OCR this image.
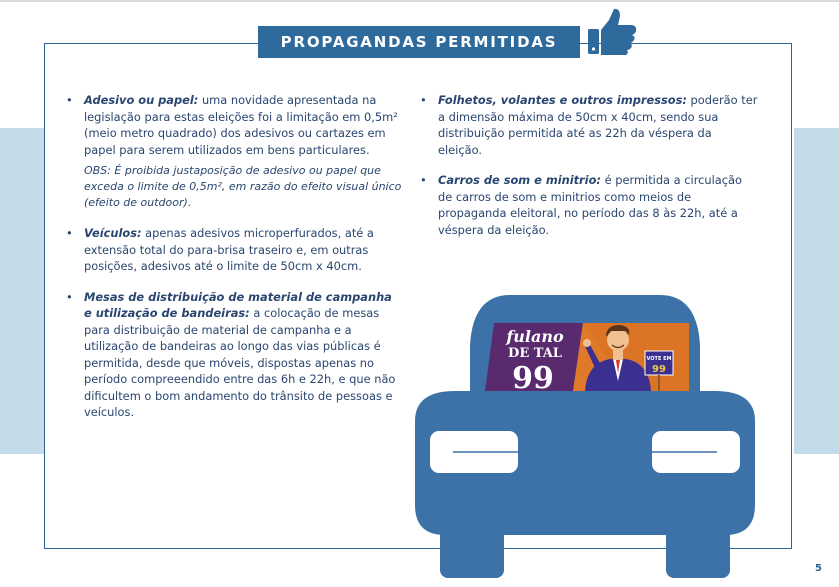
PROPAGANDAS PERMITIDAS
• Adesivo ou papel: uma novidade apresentada na legislação para estas eleições foi a limitação em 0,5m² (meio metro quadrado) dos adesivos ou cartazes em papel para serem utilizados em bens particulares.
OBS: É proibida justaposição de adesivo ou papel que exceda o limite de 0,5m², em razão do efeito visual único (efeito de outdoor).
• Veículos: apenas adesivos microperfurados, até a extensão total do para-brisa traseiro e, em outras posições, adesivos até o limite de 50cm x 40cm.
• Mesas de distribuição de material de campanha e utilização de bandeiras: a colocação de mesas para distribuição de material de campanha e a utilização de bandeiras ao longo das vias públicas é permitida, desde que móveis, dispostas apenas no período compreeendido entre das 6h e 22h, e que não dificultem o bom andamento do trânsito de pessoas e veículos.
• Folhetos, volantes e outros impressos: poderão ter a dimensão máxima de 50cm x 40cm, sendo sua distribuição permitida até as 22h da véspera da eleição.
• Carros de som e minitrio: é permitida a circulação de carros de som e minitrios como meios de propaganda eleitoral, no período das 8 às 22h, até a véspera da eleição.
fulano
DE TAL
99
VOTE EM
99
5
